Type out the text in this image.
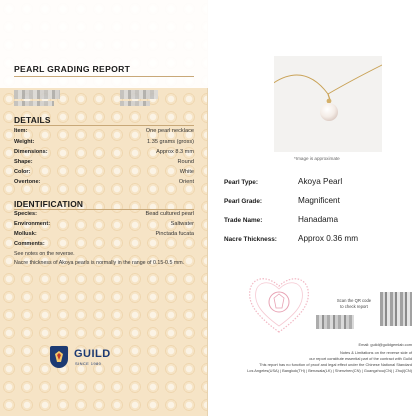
PEARL GRADING REPORT
DETAILS
Item:	One pearl necklace
Weight:	1.35 grams (gross)
Dimensions:	Approx 8.3 mm
Shape:	Round
Color:	White
Overtone:	Orient
IDENTIFICATION
Species:	Bead cultured pearl
Environment:	Saltwater
Mollusk:	Pinctada fucata
Comments:
See notes on the reverse.
Nacre thickness of Akoya pearls is normally in the range of 0.15-0.5 mm.
GUILD
SINCE 1980
*Image is approximate
Pearl Type:	Akoya Pearl
Pearl Grade:	Magnificent
Trade Name:	Hanadama
Nacre Thickness:	Approx 0.36 mm
Scan the QR code
to check report
Email: guild@guildgemlab.com
Notes & Limitations on the reverse side of
our report constitute essential part of the contract with Guild
This report has no function of proof and legal effect under the Chinese National Standard
Los Angeles(USA) | Bangkok(TH) | Beruwala(LK) | Shenzhen(CN) | Guangzhou(CN) | Zhuji(CN)
